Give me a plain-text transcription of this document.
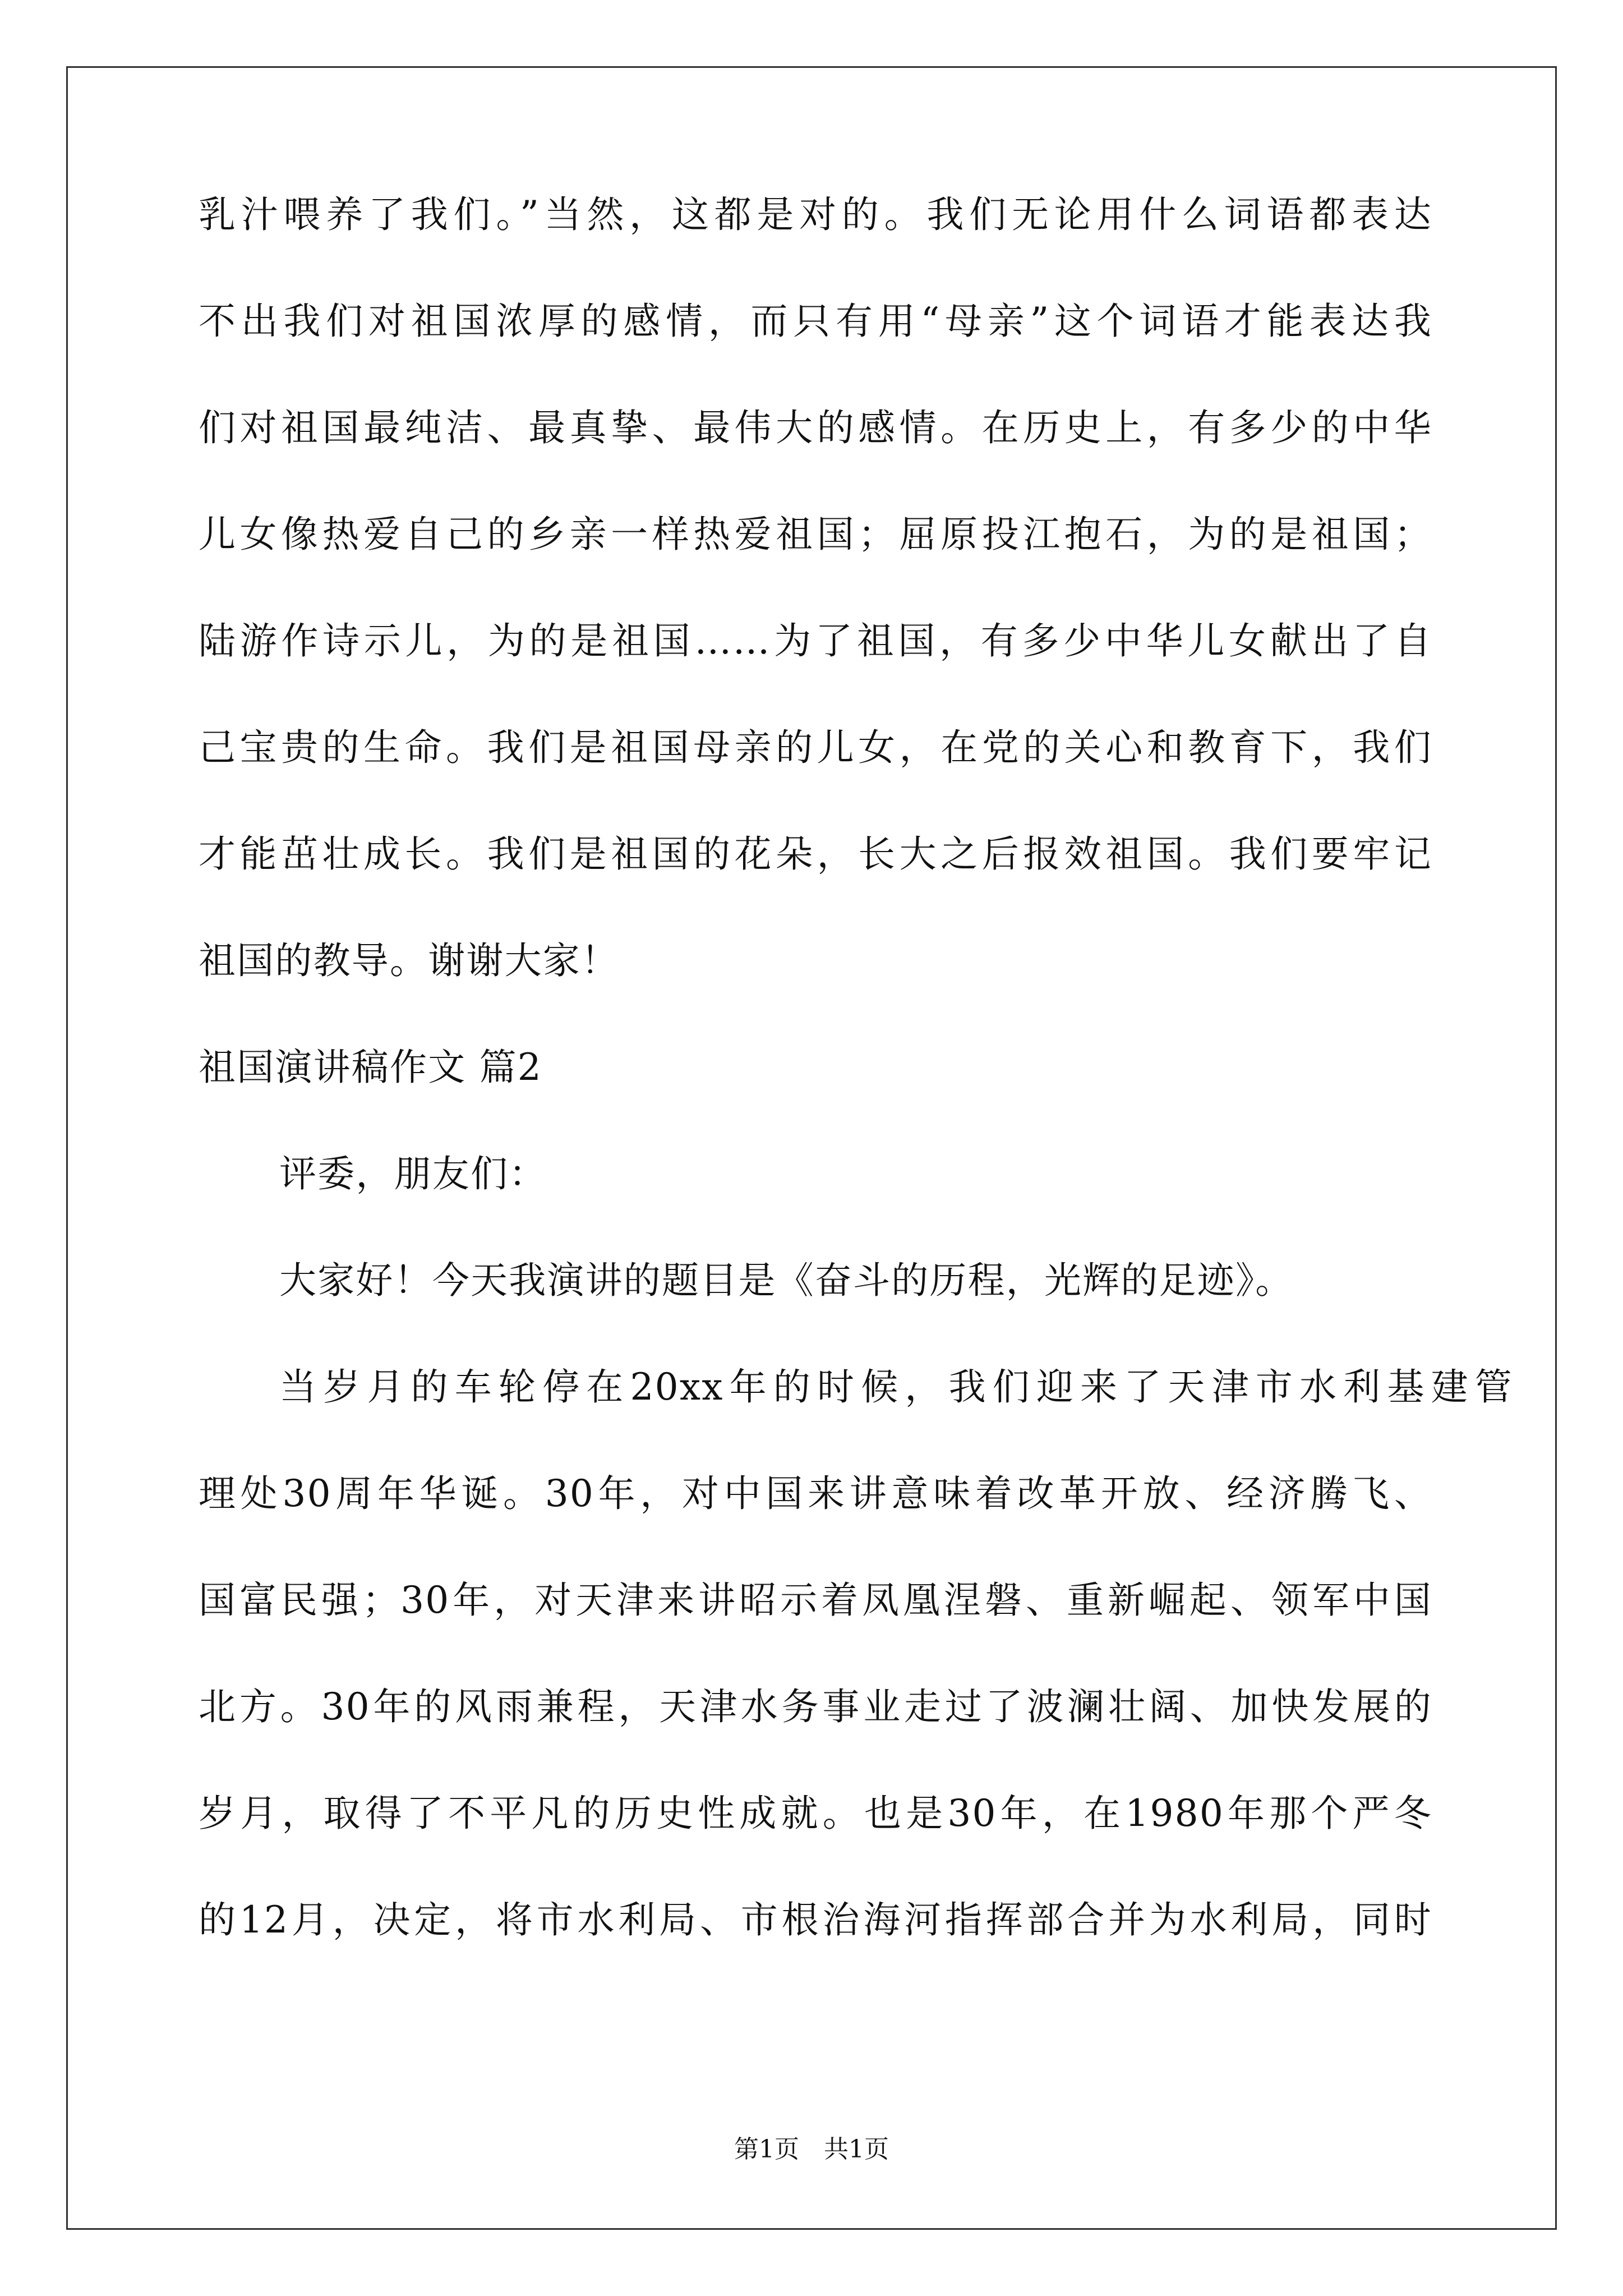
乳汁喂养了我们。”当然，这都是对的。我们无论用什么词语都表达
不出我们对祖国浓厚的感情，而只有用“母亲”这个词语才能表达我
们对祖国最纯洁、最真挚、最伟大的感情。在历史上，有多少的中华
儿女像热爱自己的乡亲一样热爱祖国；屈原投江抱石，为的是祖国；
陆游作诗示儿，为的是祖国……为了祖国，有多少中华儿女献出了自
己宝贵的生命。我们是祖国母亲的儿女，在党的关心和教育下，我们
才能茁壮成长。我们是祖国的花朵，长大之后报效祖国。我们要牢记
祖国的教导。谢谢大家！
祖国演讲稿作文 篇2
评委，朋友们：
大家好！今天我演讲的题目是《奋斗的历程，光辉的足迹》。
当岁月的车轮停在20xx年的时候，我们迎来了天津市水利基建管
理处30周年华诞。30年，对中国来讲意味着改革开放、经济腾飞、
国富民强；30年，对天津来讲昭示着凤凰涅磐、重新崛起、领军中国
北方。30年的风雨兼程，天津水务事业走过了波澜壮阔、加快发展的
岁月，取得了不平凡的历史性成就。也是30年，在1980年那个严冬
的12月，决定，将市水利局、市根治海河指挥部合并为水利局，同时
第1页　共1页
